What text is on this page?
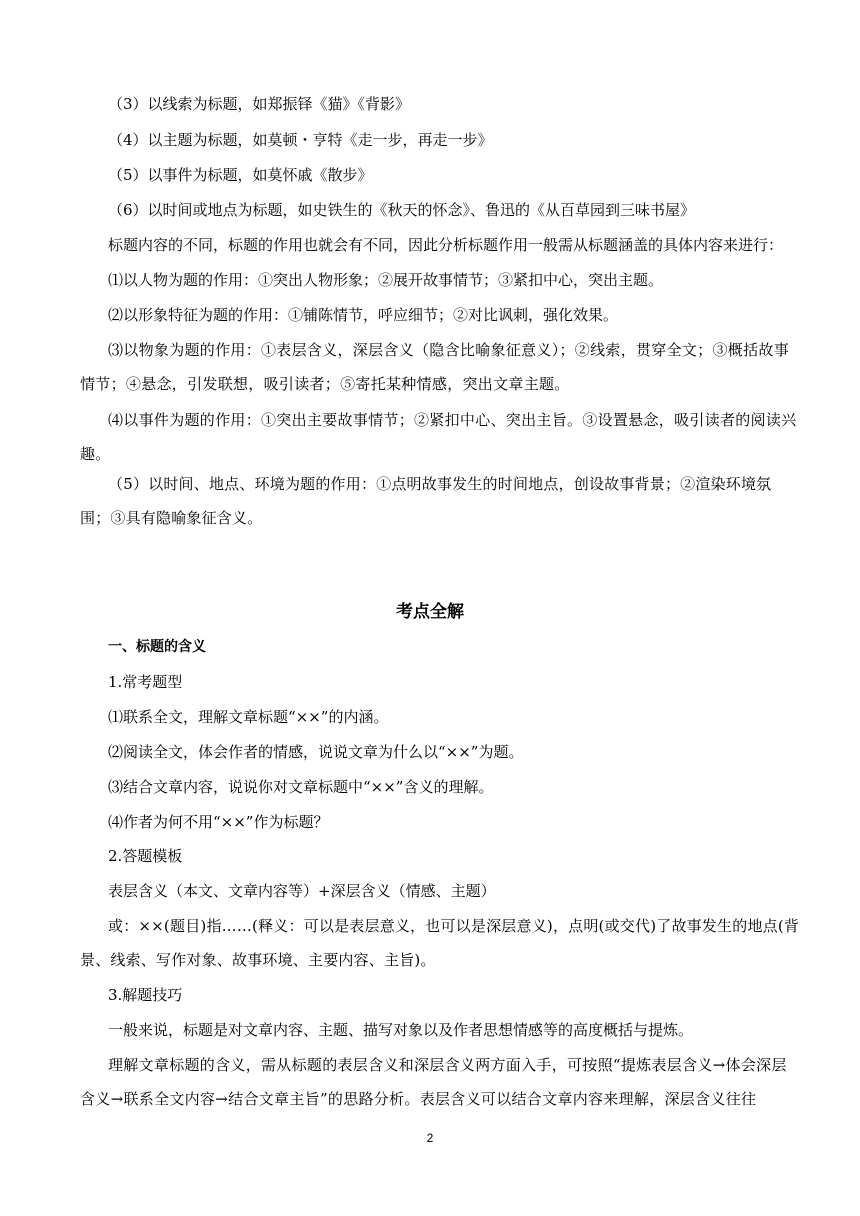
（3）以线索为标题，如郑振铎《猫》《背影》
（4）以主题为标题，如莫顿・亨特《走一步，再走一步》
（5）以事件为标题，如莫怀戚《散步》
（6）以时间或地点为标题，如史铁生的《秋天的怀念》、鲁迅的《从百草园到三味书屋》
标题内容的不同，标题的作用也就会有不同，因此分析标题作用一般需从标题涵盖的具体内容来进行：
⑴以人物为题的作用：①突出人物形象；②展开故事情节；③紧扣中心，突出主题。
⑵以形象特征为题的作用：①铺陈情节，呼应细节；②对比讽刺，强化效果。
⑶以物象为题的作用：①表层含义，深层含义（隐含比喻象征意义）；②线索，贯穿全文；③概括故事情节；④悬念，引发联想，吸引读者；⑤寄托某种情感，突出文章主题。
⑷以事件为题的作用：①突出主要故事情节；②紧扣中心、突出主旨。③设置悬念，吸引读者的阅读兴趣。
（5）以时间、地点、环境为题的作用：①点明故事发生的时间地点，创设故事背景；②渲染环境氛围；③具有隐喻象征含义。
考点全解
一、标题的含义
1.常考题型
⑴联系全文，理解文章标题“××”的内涵。
⑵阅读全文，体会作者的情感，说说文章为什么以“××”为题。
⑶结合文章内容，说说你对文章标题中“××”含义的理解。
⑷作者为何不用“××”作为标题？
2.答题模板
表层含义（本文、文章内容等）+深层含义（情感、主题）
或：××(题目)指……(释义：可以是表层意义，也可以是深层意义)，点明(或交代)了故事发生的地点(背景、线索、写作对象、故事环境、主要内容、主旨)。
3.解题技巧
一般来说，标题是对文章内容、主题、描写对象以及作者思想情感等的高度概括与提炼。
理解文章标题的含义，需从标题的表层含义和深层含义两方面入手，可按照“提炼表层含义→体会深层含义→联系全文内容→结合文章主旨”的思路分析。表层含义可以结合文章内容来理解，深层含义往往
2
